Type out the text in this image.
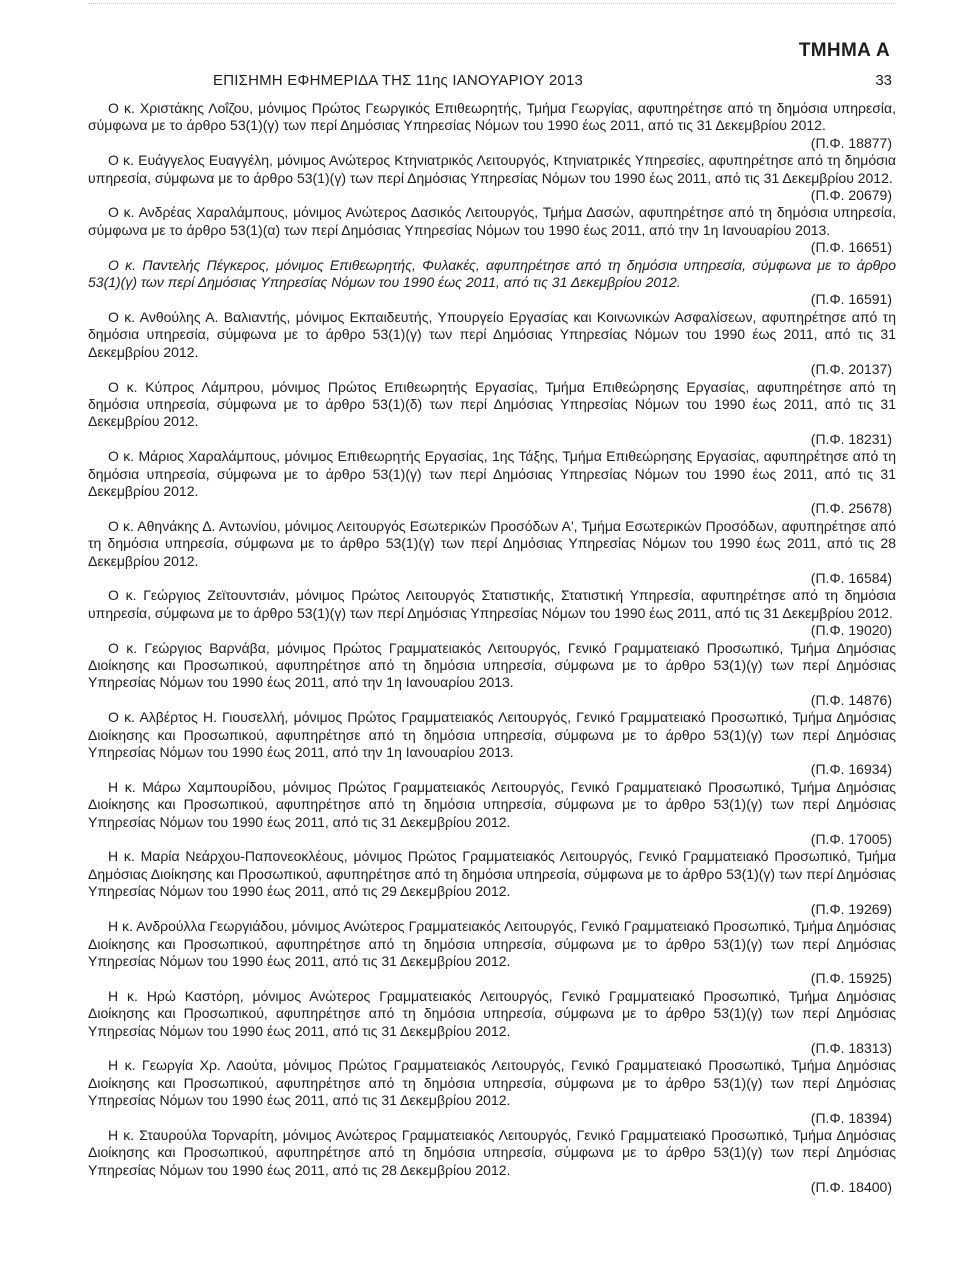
ΤΜΗΜΑ Α
ΕΠΙΣΗΜΗ ΕΦΗΜΕΡΙΔΑ ΤΗΣ 11ης ΙΑΝΟΥΑΡΙΟΥ 2013	33

Ο κ. Χριστάκης Λοΐζου, μόνιμος Πρώτος Γεωργικός Επιθεωρητής, Τμήμα Γεωργίας, αφυπηρέτησε από τη δημόσια υπηρεσία, σύμφωνα με το άρθρο 53(1)(γ) των περί Δημόσιας Υπηρεσίας Νόμων του 1990 έως 2011, από τις 31 Δεκεμβρίου 2012.

(Π.Φ. 18877)

Ο κ. Ευάγγελος Ευαγγέλη, μόνιμος Ανώτερος Κτηνιατρικός Λειτουργός, Κτηνιατρικές Υπηρεσίες, αφυπηρέτησε από τη δημόσια υπηρεσία, σύμφωνα με το άρθρο 53(1)(γ) των περί Δημόσιας Υπηρεσίας Νόμων του 1990 έως 2011, από τις 31 Δεκεμβρίου 2012.

(Π.Φ. 20679)

Ο κ. Ανδρέας Χαραλάμπους, μόνιμος Ανώτερος Δασικός Λειτουργός, Τμήμα Δασών, αφυπηρέτησε από τη δημόσια υπηρεσία, σύμφωνα με το άρθρο 53(1)(α) των περί Δημόσιας Υπηρεσίας Νόμων του 1990 έως 2011, από την 1η Ιανουαρίου 2013.

(Π.Φ. 16651)

Ο κ. Παντελής Πέγκερος, μόνιμος Επιθεωρητής, Φυλακές, αφυπηρέτησε από τη δημόσια υπηρεσία, σύμφωνα με το άρθρο 53(1)(γ) των περί Δημόσιας Υπηρεσίας Νόμων του 1990 έως 2011, από τις 31 Δεκεμβρίου 2012.

(Π.Φ. 16591)

Ο κ. Ανθούλης Α. Βαλιαντής, μόνιμος Εκπαιδευτής, Υπουργείο Εργασίας και Κοινωνικών Ασφαλίσεων, αφυπηρέτησε από τη δημόσια υπηρεσία, σύμφωνα με το άρθρο 53(1)(γ) των περί Δημόσιας Υπηρεσίας Νόμων του 1990 έως 2011, από τις 31 Δεκεμβρίου 2012.

(Π.Φ. 20137)

Ο κ. Κύπρος Λάμπρου, μόνιμος Πρώτος Επιθεωρητής Εργασίας, Τμήμα Επιθεώρησης Εργασίας, αφυπηρέτησε από τη δημόσια υπηρεσία, σύμφωνα με το άρθρο 53(1)(δ) των περί Δημόσιας Υπηρεσίας Νόμων του 1990 έως 2011, από τις 31 Δεκεμβρίου 2012.

(Π.Φ. 18231)

Ο κ. Μάριος Χαραλάμπους, μόνιμος Επιθεωρητής Εργασίας, 1ης Τάξης, Τμήμα Επιθεώρησης Εργασίας, αφυπηρέτησε από τη δημόσια υπηρεσία, σύμφωνα με το άρθρο 53(1)(γ) των περί Δημόσιας Υπηρεσίας Νόμων του 1990 έως 2011, από τις 31 Δεκεμβρίου 2012.

(Π.Φ. 25678)

Ο κ. Αθηνάκης Δ. Αντωνίου, μόνιμος Λειτουργός Εσωτερικών Προσόδων Α', Τμήμα Εσωτερικών Προσόδων, αφυπηρέτησε από τη δημόσια υπηρεσία, σύμφωνα με το άρθρο 53(1)(γ) των περί Δημόσιας Υπηρεσίας Νόμων του 1990 έως 2011, από τις 28 Δεκεμβρίου 2012.

(Π.Φ. 16584)

Ο κ. Γεώργιος Ζεϊτουντσιάν, μόνιμος Πρώτος Λειτουργός Στατιστικής, Στατιστική Υπηρεσία, αφυπηρέτησε από τη δημόσια υπηρεσία, σύμφωνα με το άρθρο 53(1)(γ) των περί Δημόσιας Υπηρεσίας Νόμων του 1990 έως 2011, από τις 31 Δεκεμβρίου 2012.

(Π.Φ. 19020)

Ο κ. Γεώργιος Βαρνάβα, μόνιμος Πρώτος Γραμματειακός Λειτουργός, Γενικό Γραμματειακό Προσωπικό, Τμήμα Δημόσιας Διοίκησης και Προσωπικού, αφυπηρέτησε από τη δημόσια υπηρεσία, σύμφωνα με το άρθρο 53(1)(γ) των περί Δημόσιας Υπηρεσίας Νόμων του 1990 έως 2011, από την 1η Ιανουαρίου 2013.

(Π.Φ. 14876)

Ο κ. Αλβέρτος Η. Γιουσελλή, μόνιμος Πρώτος Γραμματειακός Λειτουργός, Γενικό Γραμματειακό Προσωπικό, Τμήμα Δημόσιας Διοίκησης και Προσωπικού, αφυπηρέτησε από τη δημόσια υπηρεσία, σύμφωνα με το άρθρο 53(1)(γ) των περί Δημόσιας Υπηρεσίας Νόμων του 1990 έως 2011, από την 1η Ιανουαρίου 2013.

(Π.Φ. 16934)

Η κ. Μάρω Χαμπουρίδου, μόνιμος Πρώτος Γραμματειακός Λειτουργός, Γενικό Γραμματειακό Προσωπικό, Τμήμα Δημόσιας Διοίκησης και Προσωπικού, αφυπηρέτησε από τη δημόσια υπηρεσία, σύμφωνα με το άρθρο 53(1)(γ) των περί Δημόσιας Υπηρεσίας Νόμων του 1990 έως 2011, από τις 31 Δεκεμβρίου 2012.

(Π.Φ. 17005)

Η κ. Μαρία Νεάρχου-Παπονεοκλέους, μόνιμος Πρώτος Γραμματειακός Λειτουργός, Γενικό Γραμματειακό Προσωπικό, Τμήμα Δημόσιας Διοίκησης και Προσωπικού, αφυπηρέτησε από τη δημόσια υπηρεσία, σύμφωνα με το άρθρο 53(1)(γ) των περί Δημόσιας Υπηρεσίας Νόμων του 1990 έως 2011, από τις 29 Δεκεμβρίου 2012.

(Π.Φ. 19269)

Η κ. Ανδρούλλα Γεωργιάδου, μόνιμος Ανώτερος Γραμματειακός Λειτουργός, Γενικό Γραμματειακό Προσωπικό, Τμήμα Δημόσιας Διοίκησης και Προσωπικού, αφυπηρέτησε από τη δημόσια υπηρεσία, σύμφωνα με το άρθρο 53(1)(γ) των περί Δημόσιας Υπηρεσίας Νόμων του 1990 έως 2011, από τις 31 Δεκεμβρίου 2012.

(Π.Φ. 15925)

Η κ. Ηρώ Καστόρη, μόνιμος Ανώτερος Γραμματειακός Λειτουργός, Γενικό Γραμματειακό Προσωπικό, Τμήμα Δημόσιας Διοίκησης και Προσωπικού, αφυπηρέτησε από τη δημόσια υπηρεσία, σύμφωνα με το άρθρο 53(1)(γ) των περί Δημόσιας Υπηρεσίας Νόμων του 1990 έως 2011, από τις 31 Δεκεμβρίου 2012.

(Π.Φ. 18313)

Η κ. Γεωργία Χρ. Λαούτα, μόνιμος Πρώτος Γραμματειακός Λειτουργός, Γενικό Γραμματειακό Προσωπικό, Τμήμα Δημόσιας Διοίκησης και Προσωπικού, αφυπηρέτησε από τη δημόσια υπηρεσία, σύμφωνα με το άρθρο 53(1)(γ) των περί Δημόσιας Υπηρεσίας Νόμων του 1990 έως 2011, από τις 31 Δεκεμβρίου 2012.

(Π.Φ. 18394)

Η κ. Σταυρούλα Τορναρίτη, μόνιμος Ανώτερος Γραμματειακός Λειτουργός, Γενικό Γραμματειακό Προσωπικό, Τμήμα Δημόσιας Διοίκησης και Προσωπικού, αφυπηρέτησε από τη δημόσια υπηρεσία, σύμφωνα με το άρθρο 53(1)(γ) των περί Δημόσιας Υπηρεσίας Νόμων του 1990 έως 2011, από τις 28 Δεκεμβρίου 2012.

(Π.Φ. 18400)
